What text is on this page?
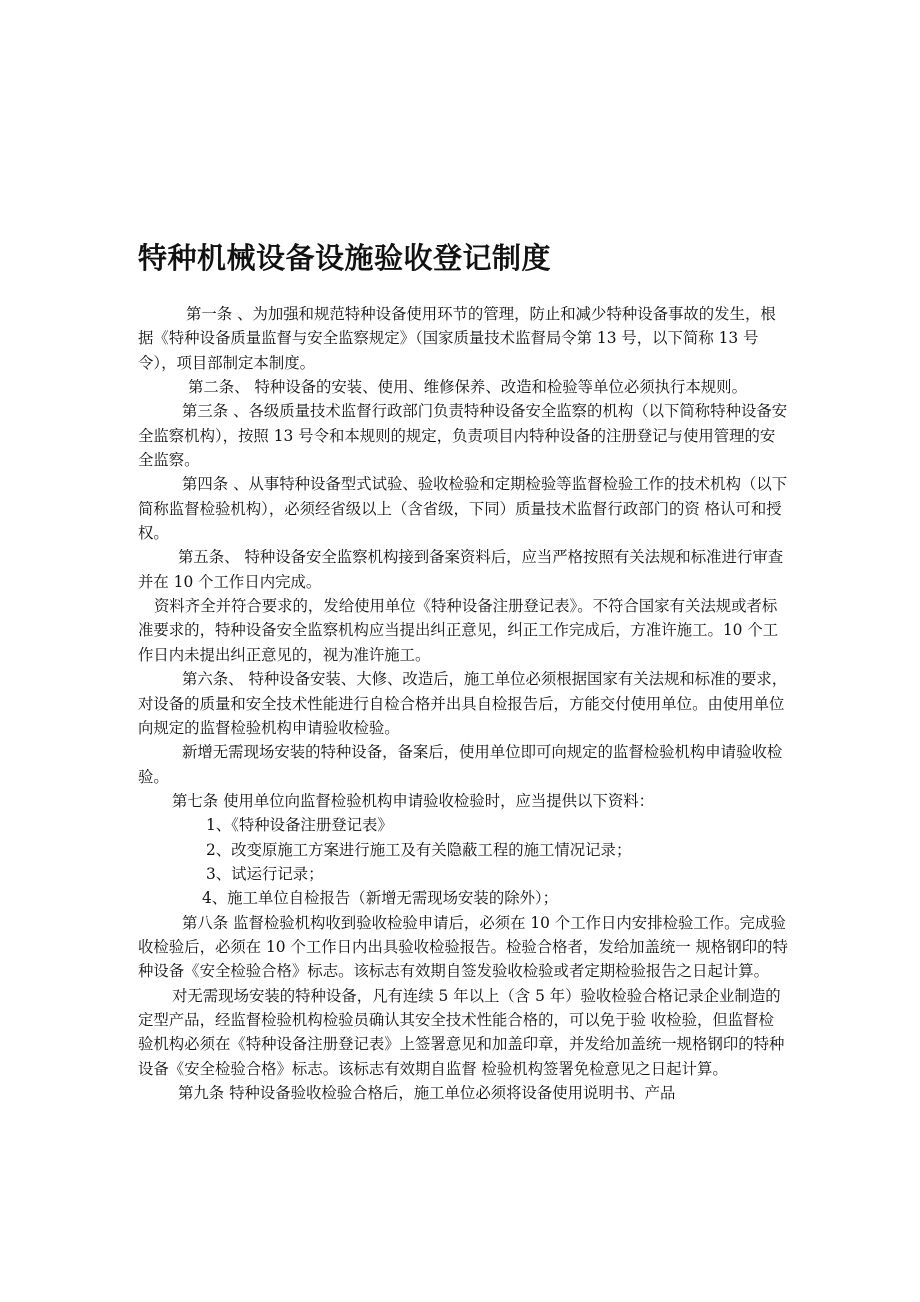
特种机械设备设施验收登记制度

第一条 、为加强和规范特种设备使用环节的管理，防止和减少特种设备事故的发生，根据《特种设备质量监督与安全监察规定》（国家质量技术监督局令第 13 号，以下简称 13 号令），项目部制定本制度。

第二条、 特种设备的安装、使用、维修保养、改造和检验等单位必须执行本规则。

第三条 、各级质量技术监督行政部门负责特种设备安全监察的机构（以下简称特种设备安全监察机构），按照 13 号令和本规则的规定，负责项目内特种设备的注册登记与使用管理的安全监察。

第四条 、从事特种设备型式试验、验收检验和定期检验等监督检验工作的技术机构（以下简称监督检验机构），必须经省级以上（含省级，下同）质量技术监督行政部门的资 格认可和授权。

第五条、 特种设备安全监察机构接到备案资料后，应当严格按照有关法规和标准进行审查并在 10 个工作日内完成。

资料齐全并符合要求的，发给使用单位《特种设备注册登记表》。不符合国家有关法规或者标准要求的，特种设备安全监察机构应当提出纠正意见，纠正工作完成后，方准许施工。10 个工作日内未提出纠正意见的，视为准许施工。

第六条、 特种设备安装、大修、改造后，施工单位必须根据国家有关法规和标准的要求，对设备的质量和安全技术性能进行自检合格并出具自检报告后，方能交付使用单位。由使用单位向规定的监督检验机构申请验收检验。

新增无需现场安装的特种设备，备案后，使用单位即可向规定的监督检验机构申请验收检验。

第七条 使用单位向监督检验机构申请验收检验时，应当提供以下资料：

1、《特种设备注册登记表》

2、改变原施工方案进行施工及有关隐蔽工程的施工情况记录；

3、试运行记录；

4、施工单位自检报告（新增无需现场安装的除外）；

第八条 监督检验机构收到验收检验申请后，必须在 10 个工作日内安排检验工作。完成验收检验后，必须在 10 个工作日内出具验收检验报告。检验合格者，发给加盖统一 规格钢印的特种设备《安全检验合格》标志。该标志有效期自签发验收检验或者定期检验报告之日起计算。

对无需现场安装的特种设备，凡有连续 5 年以上（含 5 年）验收检验合格记录企业制造的定型产品，经监督检验机构检验员确认其安全技术性能合格的，可以免于验 收检验，但监督检验机构必须在《特种设备注册登记表》上签署意见和加盖印章，并发给加盖统一规格钢印的特种设备《安全检验合格》标志。该标志有效期自监督 检验机构签署免检意见之日起计算。

第九条 特种设备验收检验合格后，施工单位必须将设备使用说明书、产品
